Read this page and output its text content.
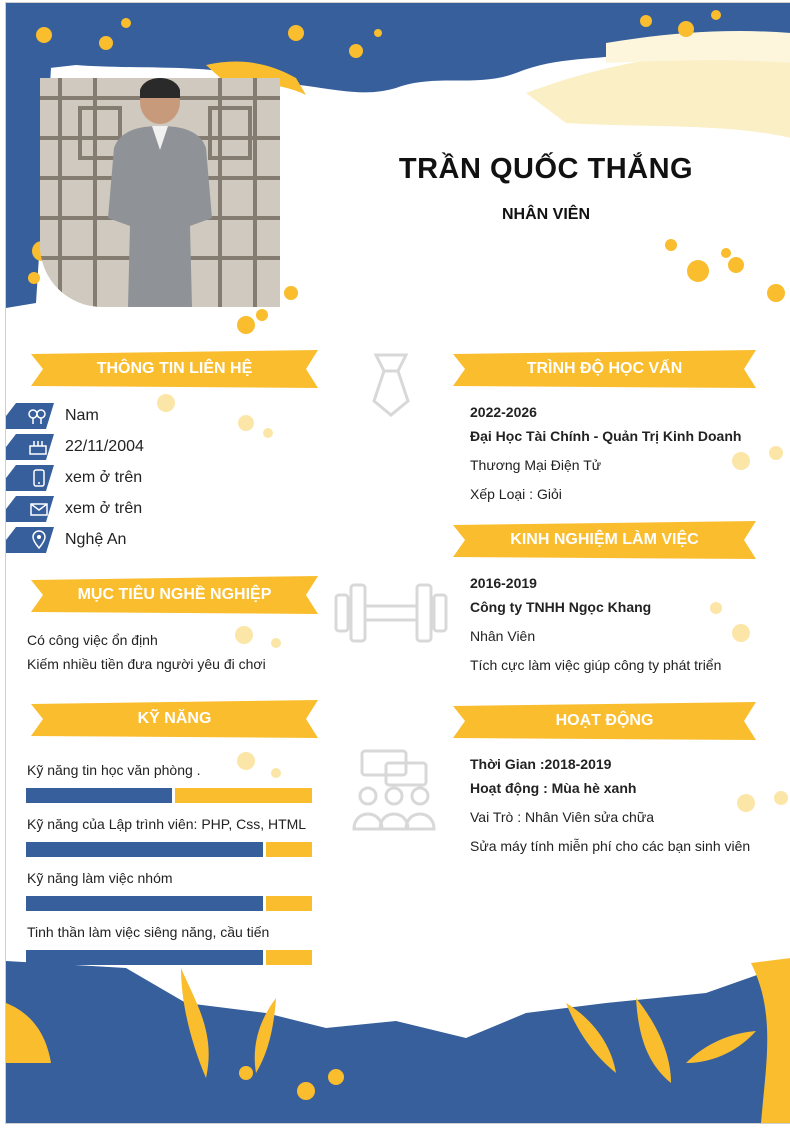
TRẦN QUỐC THẮNG
NHÂN VIÊN
THÔNG TIN LIÊN HỆ
Nam
22/11/2004
xem ở trên
xem ở trên
Nghệ An
MỤC TIÊU NGHỀ NGHIỆP
Có công việc ổn định
Kiếm nhiều tiền đưa người yêu đi chơi
KỸ NĂNG
Kỹ năng tin học văn phòng .
Kỹ năng của Lập trình viên: PHP, Css, HTML
Kỹ năng làm việc nhóm
Tinh thần làm việc siêng năng, cầu tiến
TRÌNH ĐỘ HỌC VẤN
2022-2026
Đại Học Tài Chính - Quản Trị Kinh Doanh
Thương Mại Điện Tử
Xếp Loại : Giỏi
KINH NGHIỆM LÀM VIỆC
2016-2019
Công ty TNHH Ngọc Khang
Nhân Viên
Tích cực làm việc giúp công ty phát triển
HOẠT ĐỘNG
Thời Gian :2018-2019
Hoạt động : Mùa hè xanh
Vai Trò : Nhân Viên sửa chữa
Sửa máy tính miễn phí cho các bạn sinh viên
